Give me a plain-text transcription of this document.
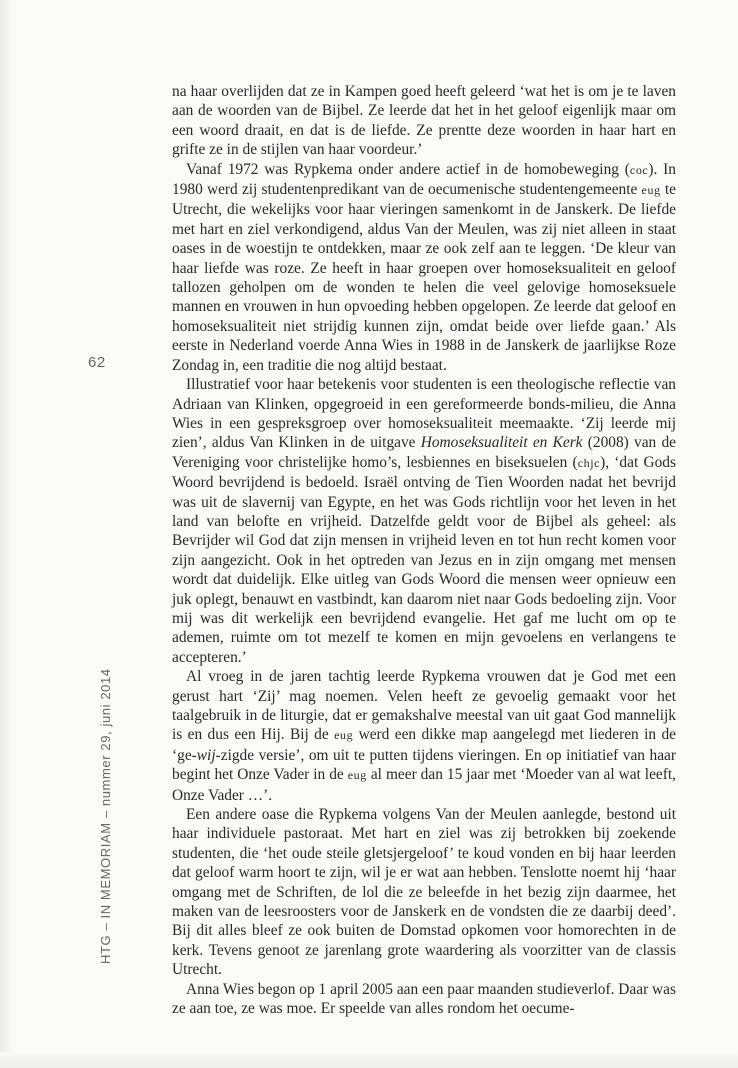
62
HTG – IN MEMORIAM – nummer 29, juni 2014

na haar overlijden dat ze in Kampen goed heeft geleerd ‘wat het is om je te laven aan de woorden van de Bijbel. Ze leerde dat het in het geloof eigenlijk maar om een woord draait, en dat is de liefde. Ze prentte deze woorden in haar hart en grifte ze in de stijlen van haar voordeur.’

Vanaf 1972 was Rypkema onder andere actief in de homobeweging (coc). In 1980 werd zij studentenpredikant van de oecumenische studentengemeente eug te Utrecht, die wekelijks voor haar vieringen samenkomt in de Janskerk. De liefde met hart en ziel verkondigend, aldus Van der Meulen, was zij niet alleen in staat oases in de woestijn te ontdekken, maar ze ook zelf aan te leggen. ‘De kleur van haar liefde was roze. Ze heeft in haar groepen over homoseksualiteit en geloof tallozen geholpen om de wonden te helen die veel gelovige homoseksuele mannen en vrouwen in hun opvoeding hebben opgelopen. Ze leerde dat geloof en homoseksualiteit niet strijdig kunnen zijn, omdat beide over liefde gaan.’ Als eerste in Nederland voerde Anna Wies in 1988 in de Janskerk de jaarlijkse Roze Zondag in, een traditie die nog altijd bestaat.

Illustratief voor haar betekenis voor studenten is een theologische reflectie van Adriaan van Klinken, opgegroeid in een gereformeerde bonds-milieu, die Anna Wies in een gespreksgroep over homoseksualiteit meemaakte. ‘Zij leerde mij zien’, aldus Van Klinken in de uitgave Homoseksualiteit en Kerk (2008) van de Vereniging voor christelijke homo’s, lesbiennes en biseksuelen (chjc), ‘dat Gods Woord bevrijdend is bedoeld. Israël ontving de Tien Woorden nadat het bevrijd was uit de slavernij van Egypte, en het was Gods richtlijn voor het leven in het land van belofte en vrijheid. Datzelfde geldt voor de Bijbel als geheel: als Bevrijder wil God dat zijn mensen in vrijheid leven en tot hun recht komen voor zijn aangezicht. Ook in het optreden van Jezus en in zijn omgang met mensen wordt dat duidelijk. Elke uitleg van Gods Woord die mensen weer opnieuw een juk oplegt, benauwt en vastbindt, kan daarom niet naar Gods bedoeling zijn. Voor mij was dit werkelijk een bevrijdend evangelie. Het gaf me lucht om op te ademen, ruimte om tot mezelf te komen en mijn gevoelens en verlangens te accepteren.’

Al vroeg in de jaren tachtig leerde Rypkema vrouwen dat je God met een gerust hart ‘Zij’ mag noemen. Velen heeft ze gevoelig gemaakt voor het taalgebruik in de liturgie, dat er gemakshalve meestal van uit gaat God mannelijk is en dus een Hij. Bij de eug werd een dikke map aangelegd met liederen in de ‘ge-wij-zigde versie’, om uit te putten tijdens vieringen. En op initiatief van haar begint het Onze Vader in de eug al meer dan 15 jaar met ‘Moeder van al wat leeft, Onze Vader …’.

Een andere oase die Rypkema volgens Van der Meulen aanlegde, bestond uit haar individuele pastoraat. Met hart en ziel was zij betrokken bij zoekende studenten, die ‘het oude steile gletsjergeloof’ te koud vonden en bij haar leerden dat geloof warm hoort te zijn, wil je er wat aan hebben. Tenslotte noemt hij ‘haar omgang met de Schriften, de lol die ze beleefde in het bezig zijn daarmee, het maken van de leesroosters voor de Janskerk en de vondsten die ze daarbij deed’. Bij dit alles bleef ze ook buiten de Domstad opkomen voor homorechten in de kerk. Tevens genoot ze jarenlang grote waardering als voorzitter van de classis Utrecht.

Anna Wies begon op 1 april 2005 aan een paar maanden studieverlof. Daar was ze aan toe, ze was moe. Er speelde van alles rondom het oecume-
